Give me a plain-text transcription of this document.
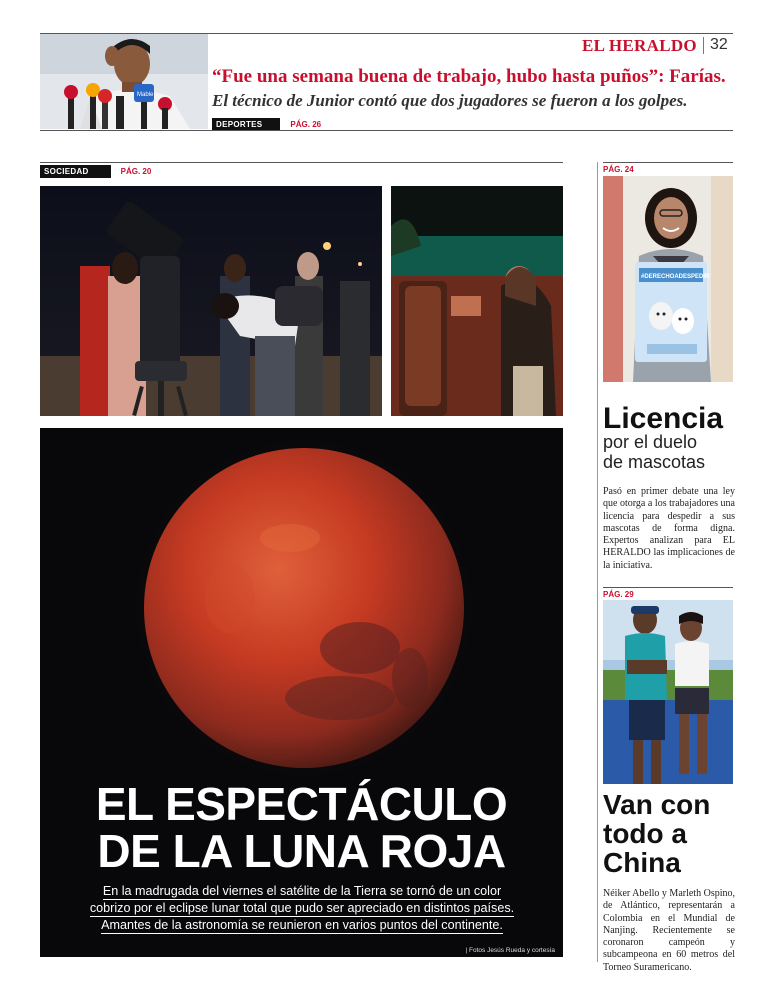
EL HERALDO 32
Mable
“Fue una semana buena de trabajo, hubo hasta puños”: Farías.
El técnico de Junior contó que dos jugadores se fueron a los golpes.
DEPORTES	PÁG. 26
SOCIEDAD	PÁG. 20
EL ESPECTÁCULO
DE LA LUNA ROJA
En la madrugada del viernes el satélite de la Tierra se tornó de un color
cobrizo por el eclipse lunar total que pudo ser apreciado en distintos países.
Amantes de la astronomía se reunieron en varios puntos del continente.
| Fotos Jesús Rueda y cortesía
PÁG. 24
#DERECHOADESPEDIR
Licencia
por el duelo
de mascotas
Pasó en primer debate una ley que otorga a los trabajadores una licencia para despedir a sus mascotas de forma digna. Expertos analizan para EL HERALDO las implicaciones de la iniciativa.
PÁG. 29
Van con
todo a
China
Néiker Abello y Marleth Ospino, de Atlántico, representarán a Colombia en el Mundial de Nanjing. Recientemente se coronaron campeón y subcampeona en 60 metros del Torneo Suramericano.
